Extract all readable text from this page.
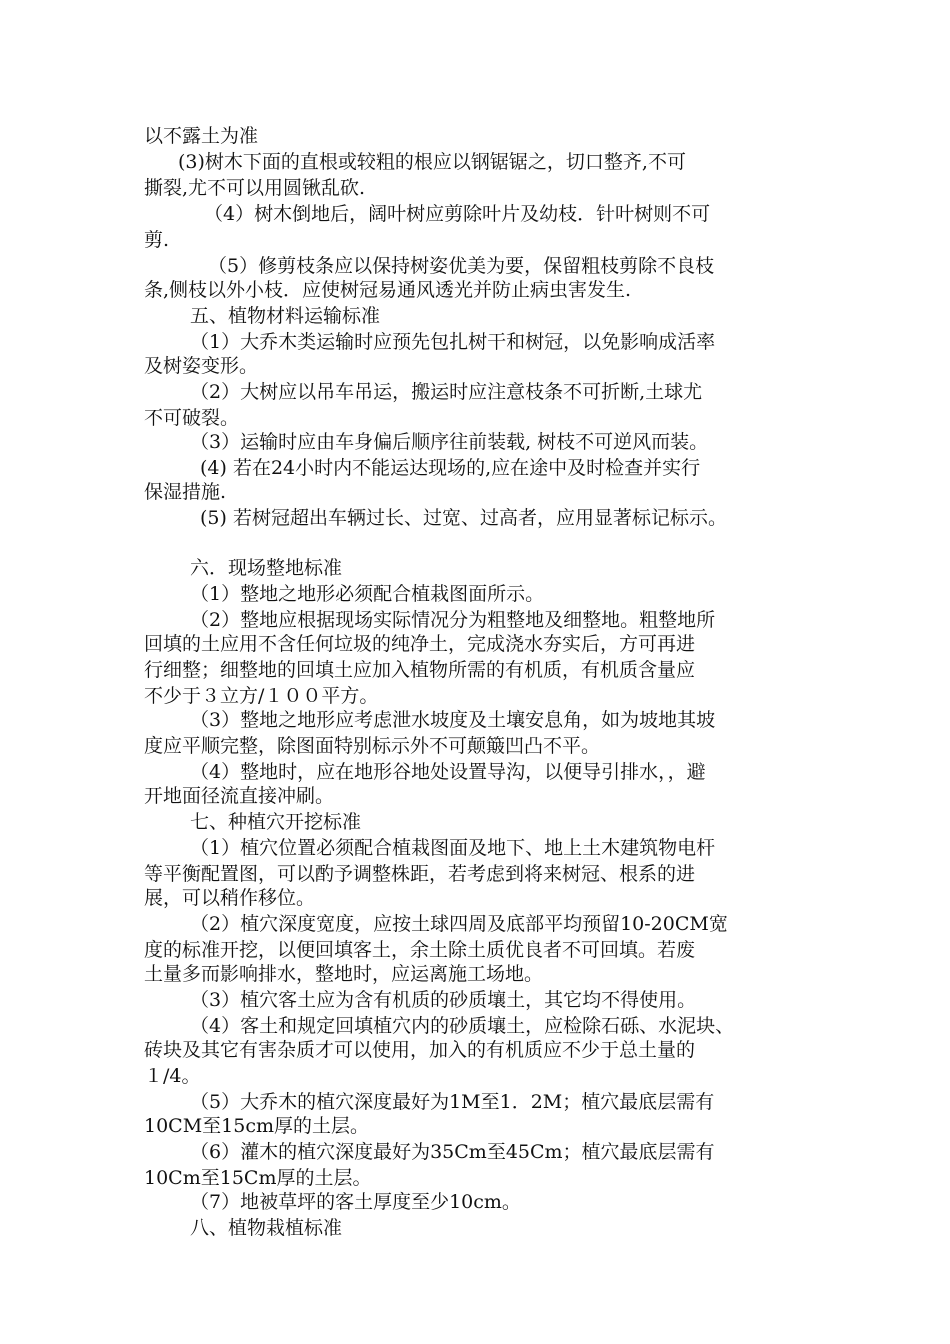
以不露土为准
(3)树木下面的直根或较粗的根应以钢锯锯之，切口整齐,不可
撕裂,尤不可以用圆锹乱砍.
（4）树木倒地后，阔叶树应剪除叶片及幼枝．针叶树则不可
剪.
（5）修剪枝条应以保持树姿优美为要，保留粗枝剪除不良枝
条,侧枝以外小枝．应使树冠易通风透光并防止病虫害发生.
五、植物材料运输标准
（1）大乔木类运输时应预先包扎树干和树冠，以免影响成活率
及树姿变形。
（2）大树应以吊车吊运，搬运时应注意枝条不可折断,土球尤
不可破裂。
（3）运输时应由车身偏后顺序往前装载, 树枝不可逆风而装。
(4) 若在24小时内不能运达现场的,应在途中及时检查并实行
保湿措施.
(5) 若树冠超出车辆过长、过宽、过高者，应用显著标记标示。
六．现场整地标准
（1）整地之地形必须配合植栽图面所示。
（2）整地应根据现场实际情况分为粗整地及细整地。粗整地所
回填的土应用不含任何垃圾的纯净土，完成浇水夯实后，方可再进
行细整；细整地的回填土应加入植物所需的有机质，有机质含量应
不少于３立方/１００平方。
（3）整地之地形应考虑泄水坡度及土壤安息角，如为坡地其坡
度应平顺完整，除图面特别标示外不可颠簸凹凸不平。
（4）整地时，应在地形谷地处设置导沟，以便导引排水，，避
开地面径流直接冲刷。
七、种植穴开挖标准
（1）植穴位置必须配合植栽图面及地下、地上土木建筑物电杆
等平衡配置图，可以酌予调整株距，若考虑到将来树冠、根系的进
展，可以稍作移位。
（2）植穴深度宽度，应按土球四周及底部平均预留10-20CM宽
度的标准开挖，以便回填客土，余土除土质优良者不可回填。若废
土量多而影响排水，整地时，应运离施工场地。
（3）植穴客土应为含有机质的砂质壤土，其它均不得使用。
（4）客土和规定回填植穴内的砂质壤土，应检除石砾、水泥块、
砖块及其它有害杂质才可以使用，加入的有机质应不少于总土量的
１/4。
（5）大乔木的植穴深度最好为1M至1．2M；植穴最底层需有
10CM至15cm厚的土层。
（6）灌木的植穴深度最好为35Cm至45Cm；植穴最底层需有
10Cm至15Cm厚的土层。
（7）地被草坪的客土厚度至少10cm。
八、植物栽植标准
